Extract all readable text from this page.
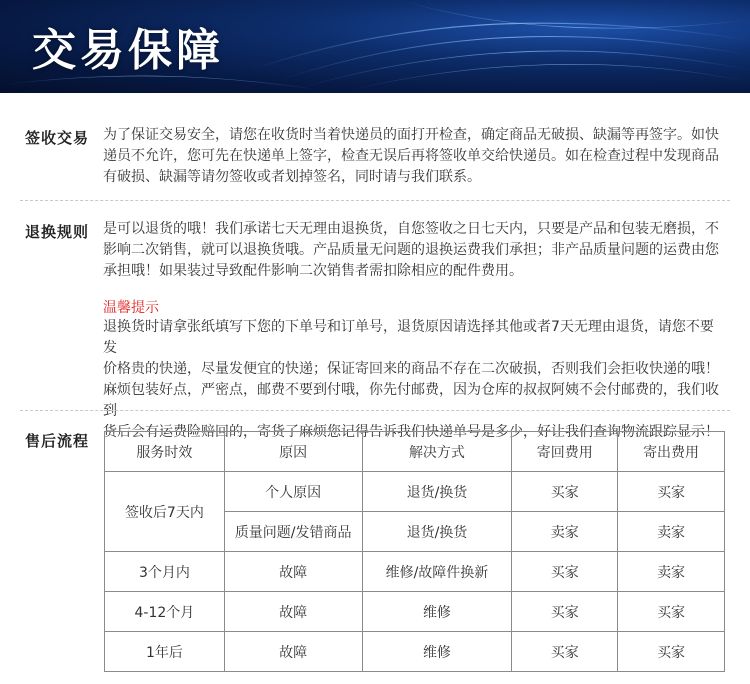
交易保障
签收交易 为了保证交易安全，请您在收货时当着快递员的面打开检查，确定商品无破损、缺漏等再签字。如快
递员不允许，您可先在快递单上签字，检查无误后再将签收单交给快递员。如在检查过程中发现商品
有破损、缺漏等请勿签收或者划掉签名，同时请与我们联系。
退换规则 是可以退货的哦！我们承诺七天无理由退换货，自您签收之日七天内，只要是产品和包装无磨损，不
影响二次销售，就可以退换货哦。产品质量无问题的退换运费我们承担；非产品质量问题的运费由您
承担哦！如果装过导致配件影响二次销售者需扣除相应的配件费用。
温馨提示
退换货时请拿张纸填写下您的下单号和订单号，退货原因请选择其他或者7天无理由退货，请您不要发
价格贵的快递，尽量发便宜的快递；保证寄回来的商品不存在二次破损，否则我们会拒收快递的哦！
麻烦包装好点，严密点，邮费不要到付哦，你先付邮费，因为仓库的叔叔阿姨不会付邮费的，我们收到
货后会有运费险赔回的，寄货了麻烦您记得告诉我们快递单号是多少，好让我们查询物流跟踪显示！
售后流程
服务时效	原因	解决方式	寄回费用	寄出费用
签收后7天内	个人原因	退货/换货	买家	买家
	质量问题/发错商品	退货/换货	卖家	卖家
3个月内	故障	维修/故障件换新	买家	卖家
4-12个月	故障	维修	买家	买家
1年后	故障	维修	买家	买家
